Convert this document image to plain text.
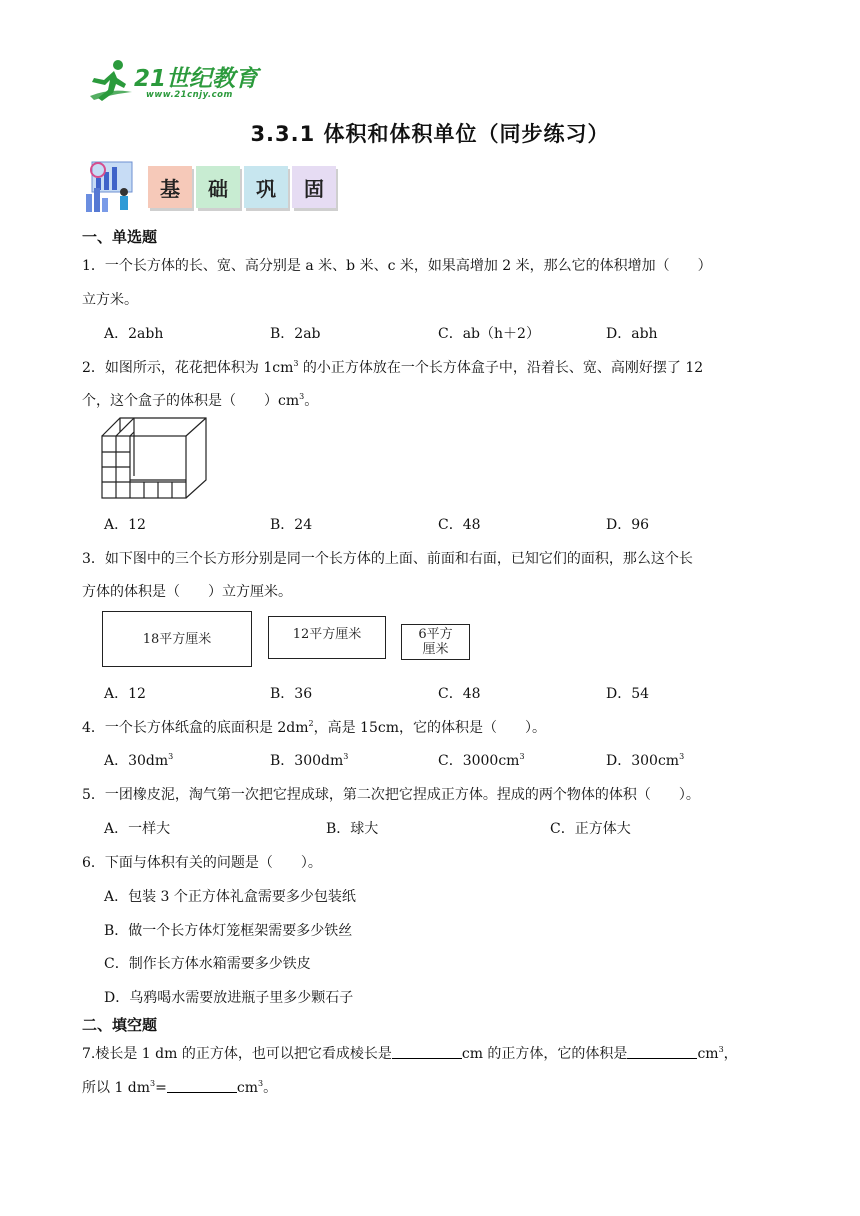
21世纪教育
www.21cnjy.com
3.3.1 体积和体积单位（同步练习）
基	础	巩	固
一、单选题
1．一个长方体的长、宽、高分别是 a 米、b 米、c 米，如果高增加 2 米，那么它的体积增加（　　）
立方米。
A．2abh	B．2ab	C．ab（h＋2）	D．abh
2．如图所示，花花把体积为 $1cm^3$ 的小正方体放在一个长方体盒子中，沿着长、宽、高刚好摆了 12
个，这个盒子的体积是（　　）$cm^3$。
A．12	B．24	C．48	D．96
3．如下图中的三个长方形分别是同一个长方体的上面、前面和右面，已知它们的面积，那么这个长
方体的体积是（　　）立方厘米。
18平方厘米	12平方厘米	6平方
厘米
A．12	B．36	C．48	D．54
4．一个长方体纸盒的底面积是 $2dm^2$，高是 15cm，它的体积是（　　）。
A．$30dm^3$	B．$300dm^3$	C．$3000cm^3$	D．$300cm^3$
5．一团橡皮泥，淘气第一次把它捏成球，第二次把它捏成正方体。捏成的两个物体的体积（　　）。
A．一样大	B．球大	C．正方体大
6．下面与体积有关的问题是（　　）。
A．包装 3 个正方体礼盒需要多少包装纸
B．做一个长方体灯笼框架需要多少铁丝
C．制作长方体水箱需要多少铁皮
D．乌鸦喝水需要放进瓶子里多少颗石子
二、填空题
7.棱长是 1 dm 的正方体，也可以把它看成棱长是	cm 的正方体，它的体积是	$cm^3$，
所以 1 $dm^3=$	$cm^3$。
